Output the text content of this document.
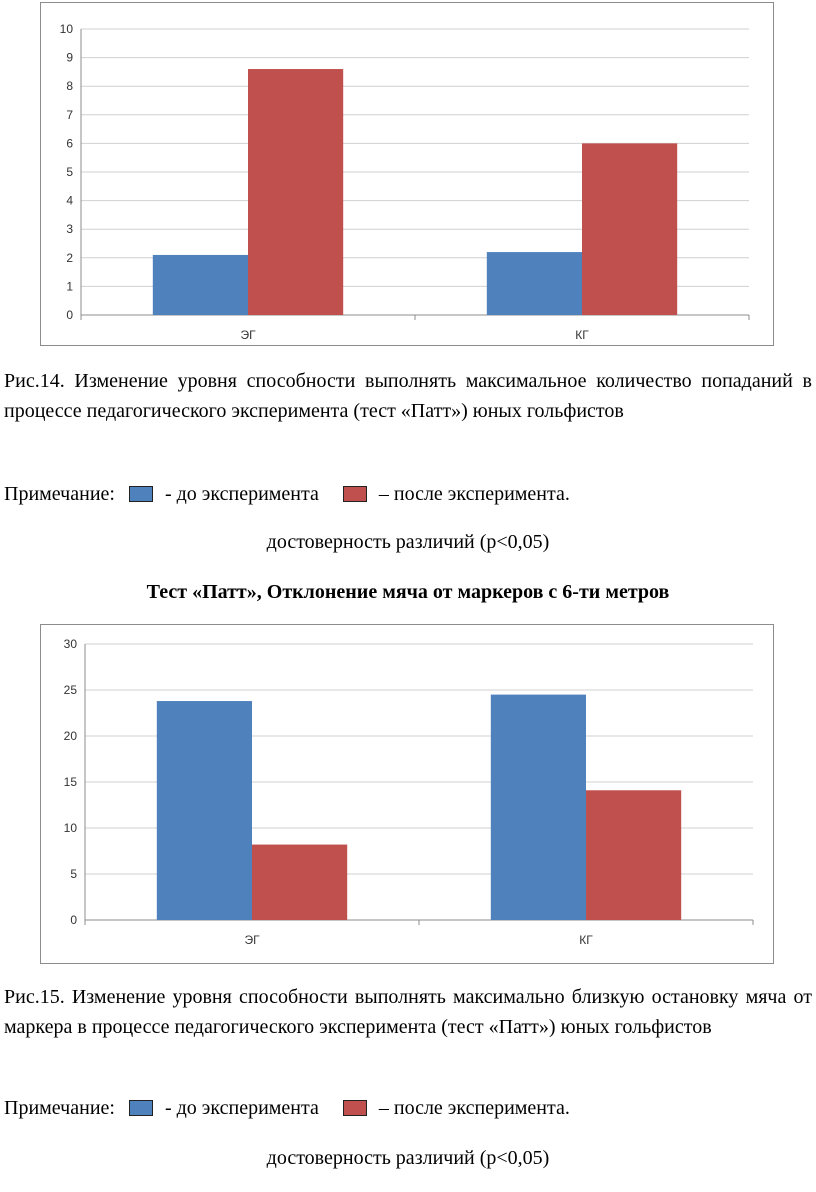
0
1
2
3
4
5
6
7
8
9
10
ЭГ	КГ

Рис.14. Изменение уровня способности выполнять максимальное количество попаданий в процессе педагогического эксперимента (тест «Патт») юных гольфистов

Примечание:	- до эксперимента	– после эксперимента.
достоверность различий (p<0,05)
Тест «Патт», Отклонение мяча от маркеров с 6-ти метров
0
5
10
15
20
25
30
ЭГ	КГ

Рис.15. Изменение уровня способности выполнять максимально близкую остановку мяча от маркера в процессе педагогического эксперимента (тест «Патт») юных гольфистов

Примечание:	- до эксперимента	– после эксперимента.
достоверность различий (p<0,05)
